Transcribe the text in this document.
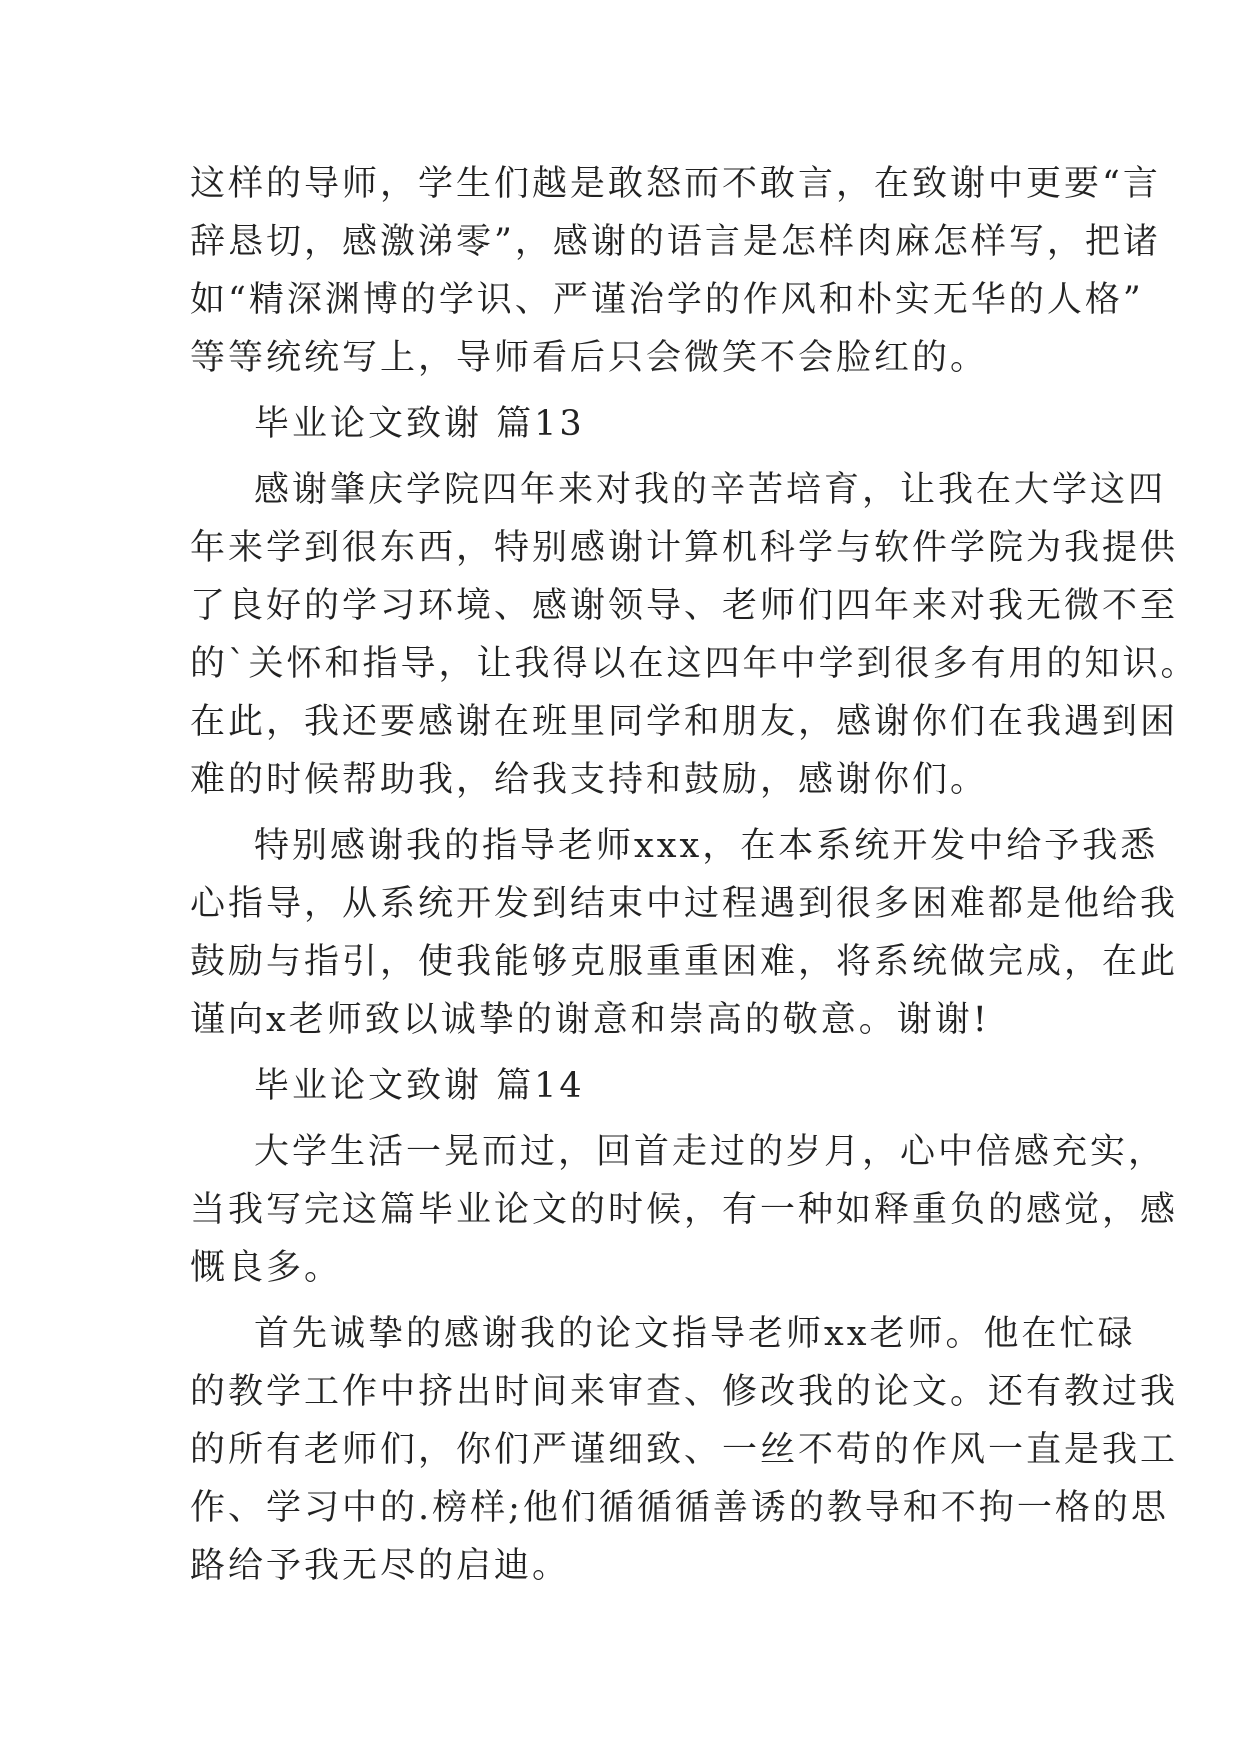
这样的导师，学生们越是敢怒而不敢言，在致谢中更要“言
辞恳切，感激涕零”，感谢的语言是怎样肉麻怎样写，把诸
如“精深渊博的学识、严谨治学的作风和朴实无华的人格”
等等统统写上，导师看后只会微笑不会脸红的。
毕业论文致谢 篇13
感谢肇庆学院四年来对我的辛苦培育，让我在大学这四
年来学到很东西，特别感谢计算机科学与软件学院为我提供
了良好的学习环境、感谢领导、老师们四年来对我无微不至
的`关怀和指导，让我得以在这四年中学到很多有用的知识。
在此，我还要感谢在班里同学和朋友，感谢你们在我遇到困
难的时候帮助我，给我支持和鼓励，感谢你们。
特别感谢我的指导老师xxx，在本系统开发中给予我悉
心指导，从系统开发到结束中过程遇到很多困难都是他给我
鼓励与指引，使我能够克服重重困难，将系统做完成，在此
谨向x老师致以诚挚的谢意和崇高的敬意。谢谢!
毕业论文致谢 篇14
大学生活一晃而过，回首走过的岁月，心中倍感充实，
当我写完这篇毕业论文的时候，有一种如释重负的感觉，感
慨良多。
首先诚挚的感谢我的论文指导老师xx老师。他在忙碌
的教学工作中挤出时间来审查、修改我的论文。还有教过我
的所有老师们，你们严谨细致、一丝不苟的作风一直是我工
作、学习中的.榜样;他们循循循善诱的教导和不拘一格的思
路给予我无尽的启迪。
